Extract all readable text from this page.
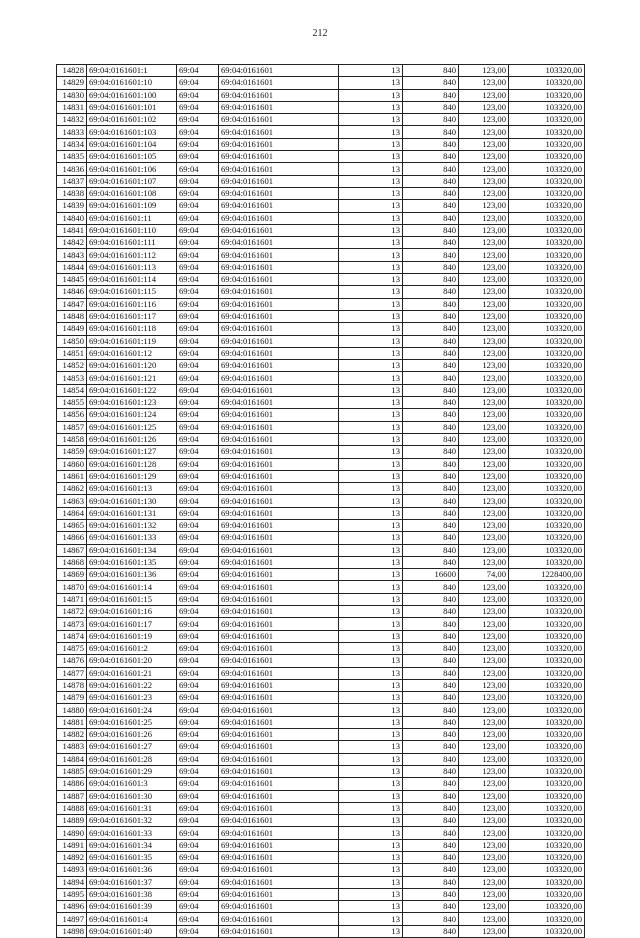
212
14828	69:04:0161601:1	69:04	69:04:0161601	13	840	123,00	103320,00
14829	69:04:0161601:10	69:04	69:04:0161601	13	840	123,00	103320,00
14830	69:04:0161601:100	69:04	69:04:0161601	13	840	123,00	103320,00
14831	69:04:0161601:101	69:04	69:04:0161601	13	840	123,00	103320,00
14832	69:04:0161601:102	69:04	69:04:0161601	13	840	123,00	103320,00
14833	69:04:0161601:103	69:04	69:04:0161601	13	840	123,00	103320,00
14834	69:04:0161601:104	69:04	69:04:0161601	13	840	123,00	103320,00
14835	69:04:0161601:105	69:04	69:04:0161601	13	840	123,00	103320,00
14836	69:04:0161601:106	69:04	69:04:0161601	13	840	123,00	103320,00
14837	69:04:0161601:107	69:04	69:04:0161601	13	840	123,00	103320,00
14838	69:04:0161601:108	69:04	69:04:0161601	13	840	123,00	103320,00
14839	69:04:0161601:109	69:04	69:04:0161601	13	840	123,00	103320,00
14840	69:04:0161601:11	69:04	69:04:0161601	13	840	123,00	103320,00
14841	69:04:0161601:110	69:04	69:04:0161601	13	840	123,00	103320,00
14842	69:04:0161601:111	69:04	69:04:0161601	13	840	123,00	103320,00
14843	69:04:0161601:112	69:04	69:04:0161601	13	840	123,00	103320,00
14844	69:04:0161601:113	69:04	69:04:0161601	13	840	123,00	103320,00
14845	69:04:0161601:114	69:04	69:04:0161601	13	840	123,00	103320,00
14846	69:04:0161601:115	69:04	69:04:0161601	13	840	123,00	103320,00
14847	69:04:0161601:116	69:04	69:04:0161601	13	840	123,00	103320,00
14848	69:04:0161601:117	69:04	69:04:0161601	13	840	123,00	103320,00
14849	69:04:0161601:118	69:04	69:04:0161601	13	840	123,00	103320,00
14850	69:04:0161601:119	69:04	69:04:0161601	13	840	123,00	103320,00
14851	69:04:0161601:12	69:04	69:04:0161601	13	840	123,00	103320,00
14852	69:04:0161601:120	69:04	69:04:0161601	13	840	123,00	103320,00
14853	69:04:0161601:121	69:04	69:04:0161601	13	840	123,00	103320,00
14854	69:04:0161601:122	69:04	69:04:0161601	13	840	123,00	103320,00
14855	69:04:0161601:123	69:04	69:04:0161601	13	840	123,00	103320,00
14856	69:04:0161601:124	69:04	69:04:0161601	13	840	123,00	103320,00
14857	69:04:0161601:125	69:04	69:04:0161601	13	840	123,00	103320,00
14858	69:04:0161601:126	69:04	69:04:0161601	13	840	123,00	103320,00
14859	69:04:0161601:127	69:04	69:04:0161601	13	840	123,00	103320,00
14860	69:04:0161601:128	69:04	69:04:0161601	13	840	123,00	103320,00
14861	69:04:0161601:129	69:04	69:04:0161601	13	840	123,00	103320,00
14862	69:04:0161601:13	69:04	69:04:0161601	13	840	123,00	103320,00
14863	69:04:0161601:130	69:04	69:04:0161601	13	840	123,00	103320,00
14864	69:04:0161601:131	69:04	69:04:0161601	13	840	123,00	103320,00
14865	69:04:0161601:132	69:04	69:04:0161601	13	840	123,00	103320,00
14866	69:04:0161601:133	69:04	69:04:0161601	13	840	123,00	103320,00
14867	69:04:0161601:134	69:04	69:04:0161601	13	840	123,00	103320,00
14868	69:04:0161601:135	69:04	69:04:0161601	13	840	123,00	103320,00
14869	69:04:0161601:136	69:04	69:04:0161601	13	16600	74,00	1228400,00
14870	69:04:0161601:14	69:04	69:04:0161601	13	840	123,00	103320,00
14871	69:04:0161601:15	69:04	69:04:0161601	13	840	123,00	103320,00
14872	69:04:0161601:16	69:04	69:04:0161601	13	840	123,00	103320,00
14873	69:04:0161601:17	69:04	69:04:0161601	13	840	123,00	103320,00
14874	69:04:0161601:19	69:04	69:04:0161601	13	840	123,00	103320,00
14875	69:04:0161601:2	69:04	69:04:0161601	13	840	123,00	103320,00
14876	69:04:0161601:20	69:04	69:04:0161601	13	840	123,00	103320,00
14877	69:04:0161601:21	69:04	69:04:0161601	13	840	123,00	103320,00
14878	69:04:0161601:22	69:04	69:04:0161601	13	840	123,00	103320,00
14879	69:04:0161601:23	69:04	69:04:0161601	13	840	123,00	103320,00
14880	69:04:0161601:24	69:04	69:04:0161601	13	840	123,00	103320,00
14881	69:04:0161601:25	69:04	69:04:0161601	13	840	123,00	103320,00
14882	69:04:0161601:26	69:04	69:04:0161601	13	840	123,00	103320,00
14883	69:04:0161601:27	69:04	69:04:0161601	13	840	123,00	103320,00
14884	69:04:0161601:28	69:04	69:04:0161601	13	840	123,00	103320,00
14885	69:04:0161601:29	69:04	69:04:0161601	13	840	123,00	103320,00
14886	69:04:0161601:3	69:04	69:04:0161601	13	840	123,00	103320,00
14887	69:04:0161601:30	69:04	69:04:0161601	13	840	123,00	103320,00
14888	69:04:0161601:31	69:04	69:04:0161601	13	840	123,00	103320,00
14889	69:04:0161601:32	69:04	69:04:0161601	13	840	123,00	103320,00
14890	69:04:0161601:33	69:04	69:04:0161601	13	840	123,00	103320,00
14891	69:04:0161601:34	69:04	69:04:0161601	13	840	123,00	103320,00
14892	69:04:0161601:35	69:04	69:04:0161601	13	840	123,00	103320,00
14893	69:04:0161601:36	69:04	69:04:0161601	13	840	123,00	103320,00
14894	69:04:0161601:37	69:04	69:04:0161601	13	840	123,00	103320,00
14895	69:04:0161601:38	69:04	69:04:0161601	13	840	123,00	103320,00
14896	69:04:0161601:39	69:04	69:04:0161601	13	840	123,00	103320,00
14897	69:04:0161601:4	69:04	69:04:0161601	13	840	123,00	103320,00
14898	69:04:0161601:40	69:04	69:04:0161601	13	840	123,00	103320,00
